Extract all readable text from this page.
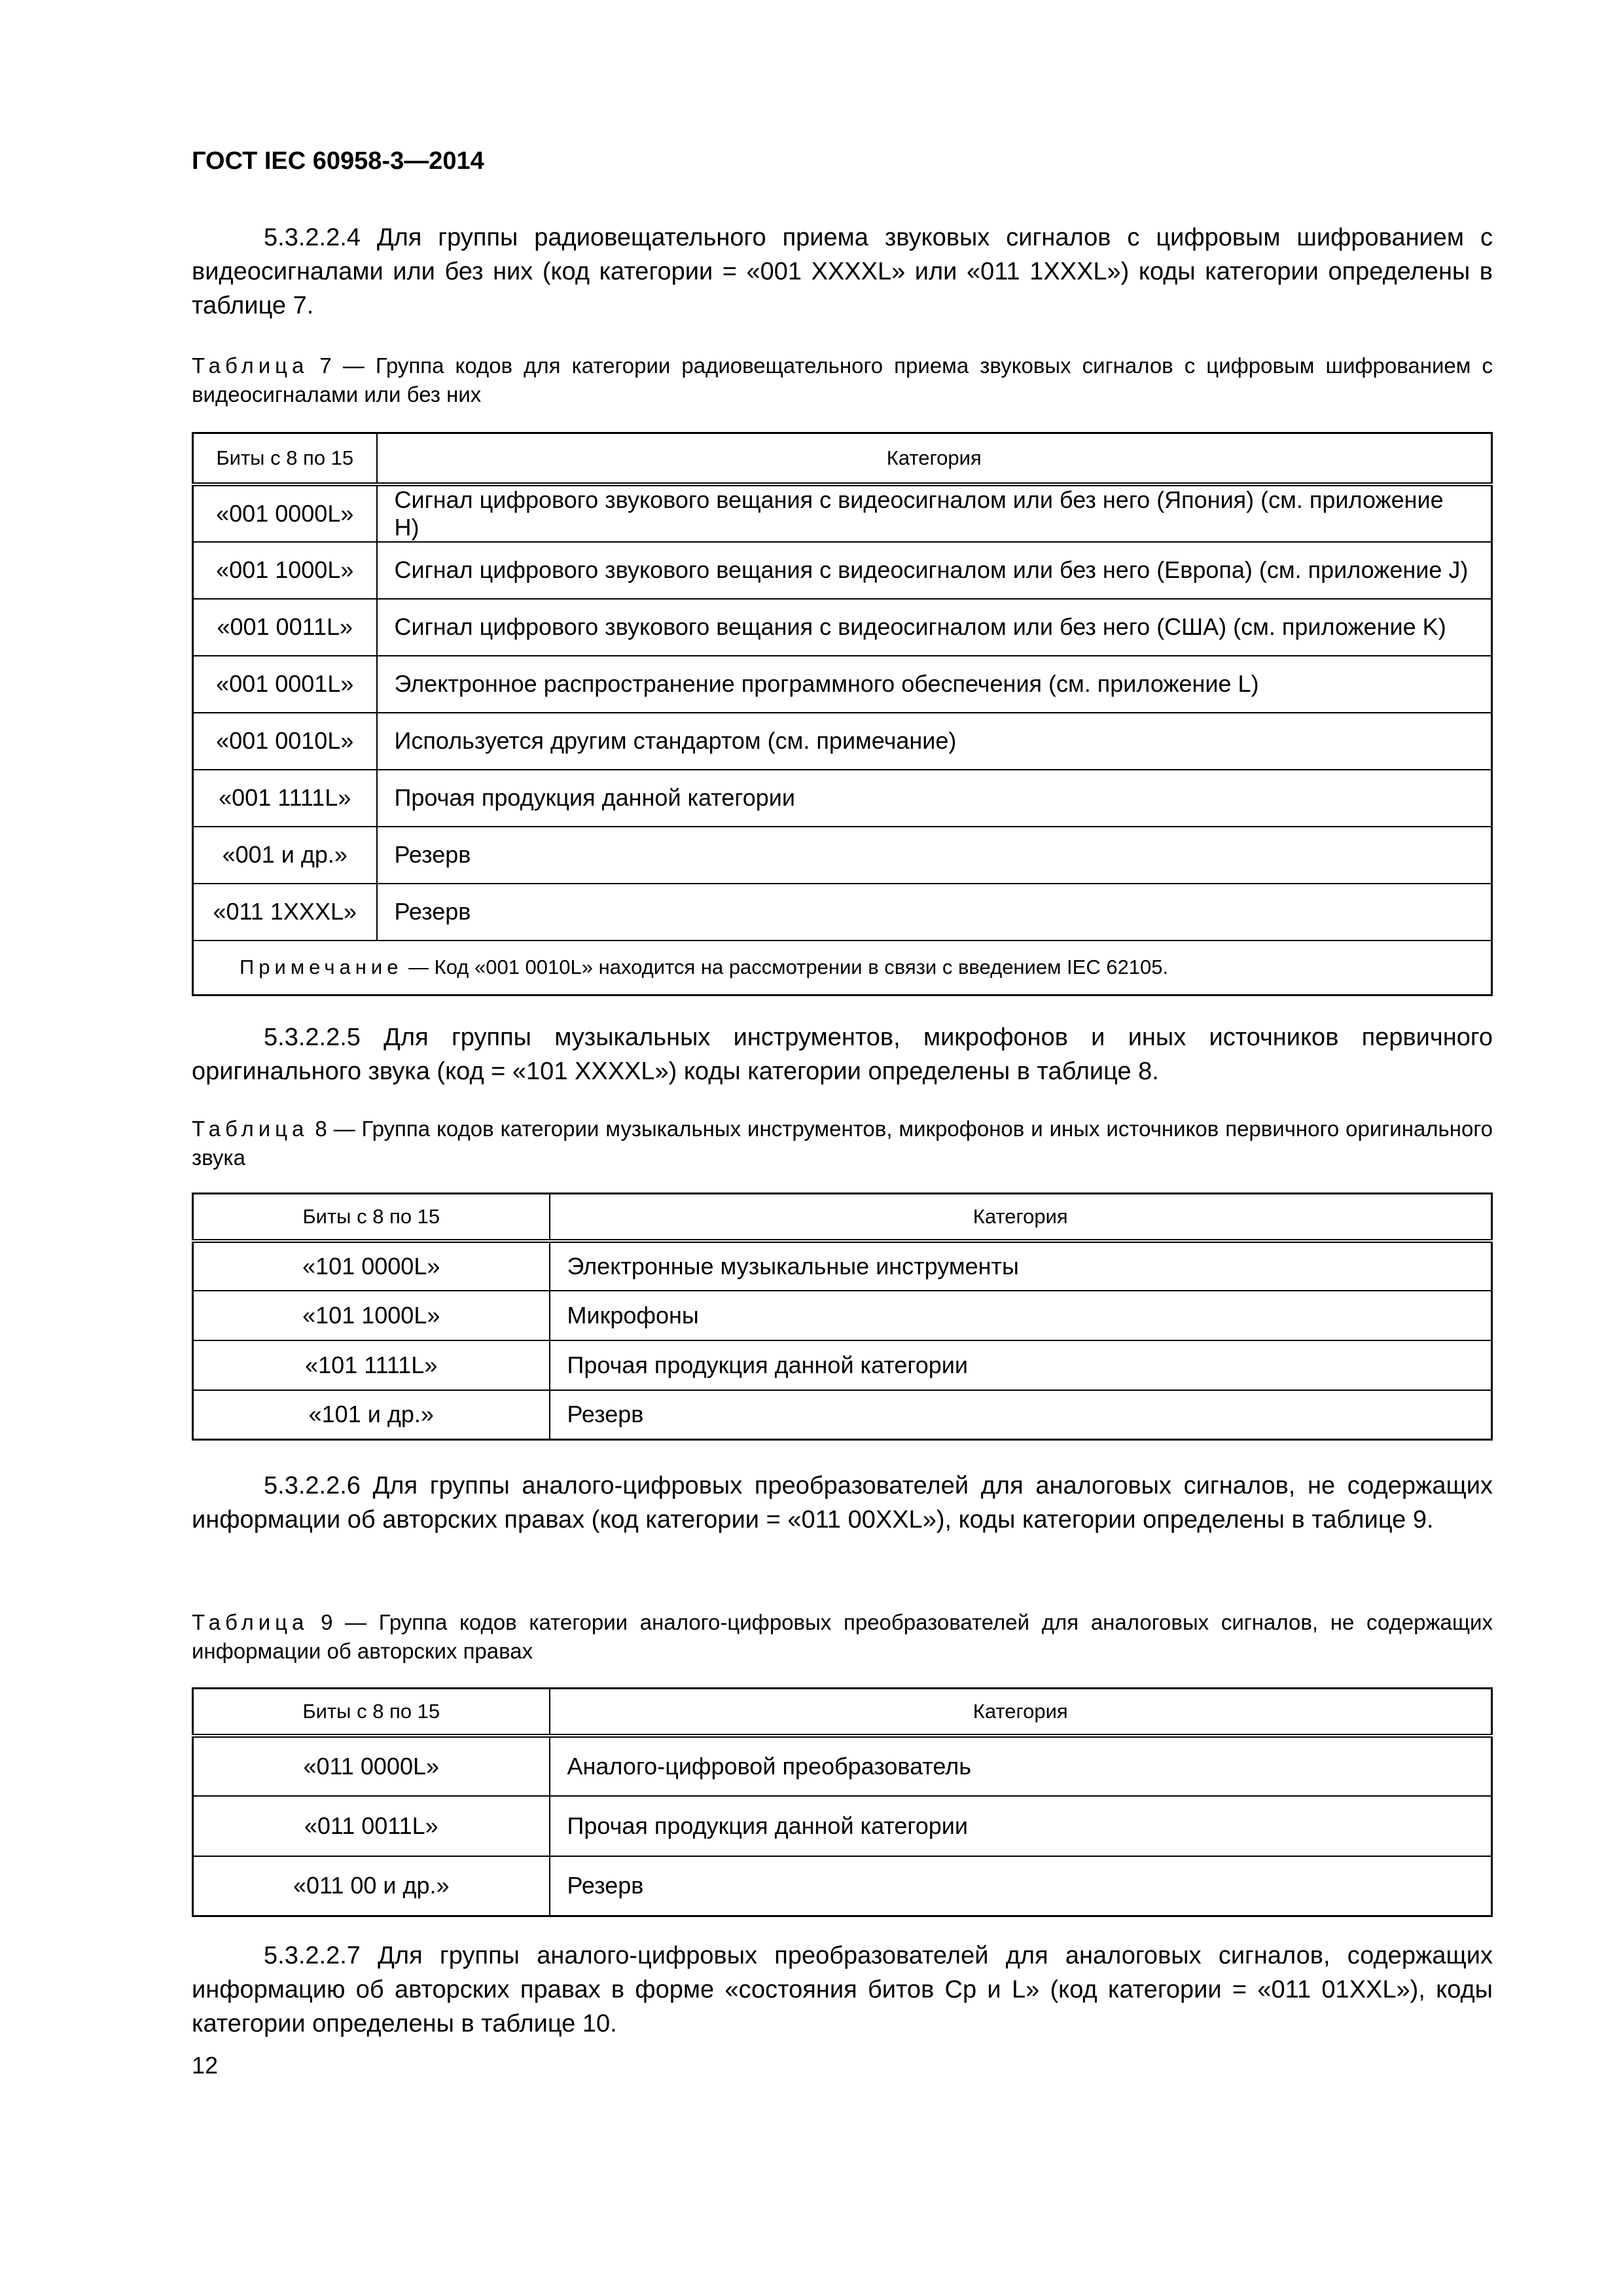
ГОСТ IEC 60958-3—2014

5.3.2.2.4 Для группы радиовещательного приема звуковых сигналов с цифровым шифрованием с видеосигналами или без них (код категории = «001 XXXXL» или «011 1XXXL») коды категории определены в таблице 7.

Таблица 7 — Группа кодов для категории радиовещательного приема звуковых сигналов с цифровым шифрованием с видеосигналами или без них

Биты с 8 по 15	Категория
«001 0000L»	Сигнал цифрового звукового вещания с видеосигналом или без него (Япония) (см. приложение H)
«001 1000L»	Сигнал цифрового звукового вещания с видеосигналом или без него (Европа) (см. приложение J)
«001 0011L»	Сигнал цифрового звукового вещания с видеосигналом или без него (США) (см. приложение K)
«001 0001L»	Электронное распространение программного обеспечения (см. приложение L)
«001 0010L»	Используется другим стандартом (см. примечание)
«001 1111L»	Прочая продукция данной категории
«001 и др.»	Резерв
«011 1XXXL»	Резерв
Примечание — Код «001 0010L» находится на рассмотрении в связи с введением IEC 62105.	

5.3.2.2.5 Для группы музыкальных инструментов, микрофонов и иных источников первичного оригинального звука (код = «101 XXXXL») коды категории определены в таблице 8.

Таблица 8 — Группа кодов категории музыкальных инструментов, микрофонов и иных источников первичного оригинального звука

Биты с 8 по 15	Категория
«101 0000L»	Электронные музыкальные инструменты
«101 1000L»	Микрофоны
«101 1111L»	Прочая продукция данной категории
«101 и др.»	Резерв

5.3.2.2.6 Для группы аналого-цифровых преобразователей для аналоговых сигналов, не содержащих информации об авторских правах (код категории = «011 00XXL»), коды категории определены в таблице 9.

Таблица 9 — Группа кодов категории аналого-цифровых преобразователей для аналоговых сигналов, не содержащих информации об авторских правах

Биты с 8 по 15	Категория
«011 0000L»	Аналого-цифровой преобразователь
«011 0011L»	Прочая продукция данной категории
«011 00 и др.»	Резерв

5.3.2.2.7 Для группы аналого-цифровых преобразователей для аналоговых сигналов, содержащих информацию об авторских правах в форме «состояния битов Cp и L» (код категории = «011 01XXL»), коды категории определены в таблице 10.

12
